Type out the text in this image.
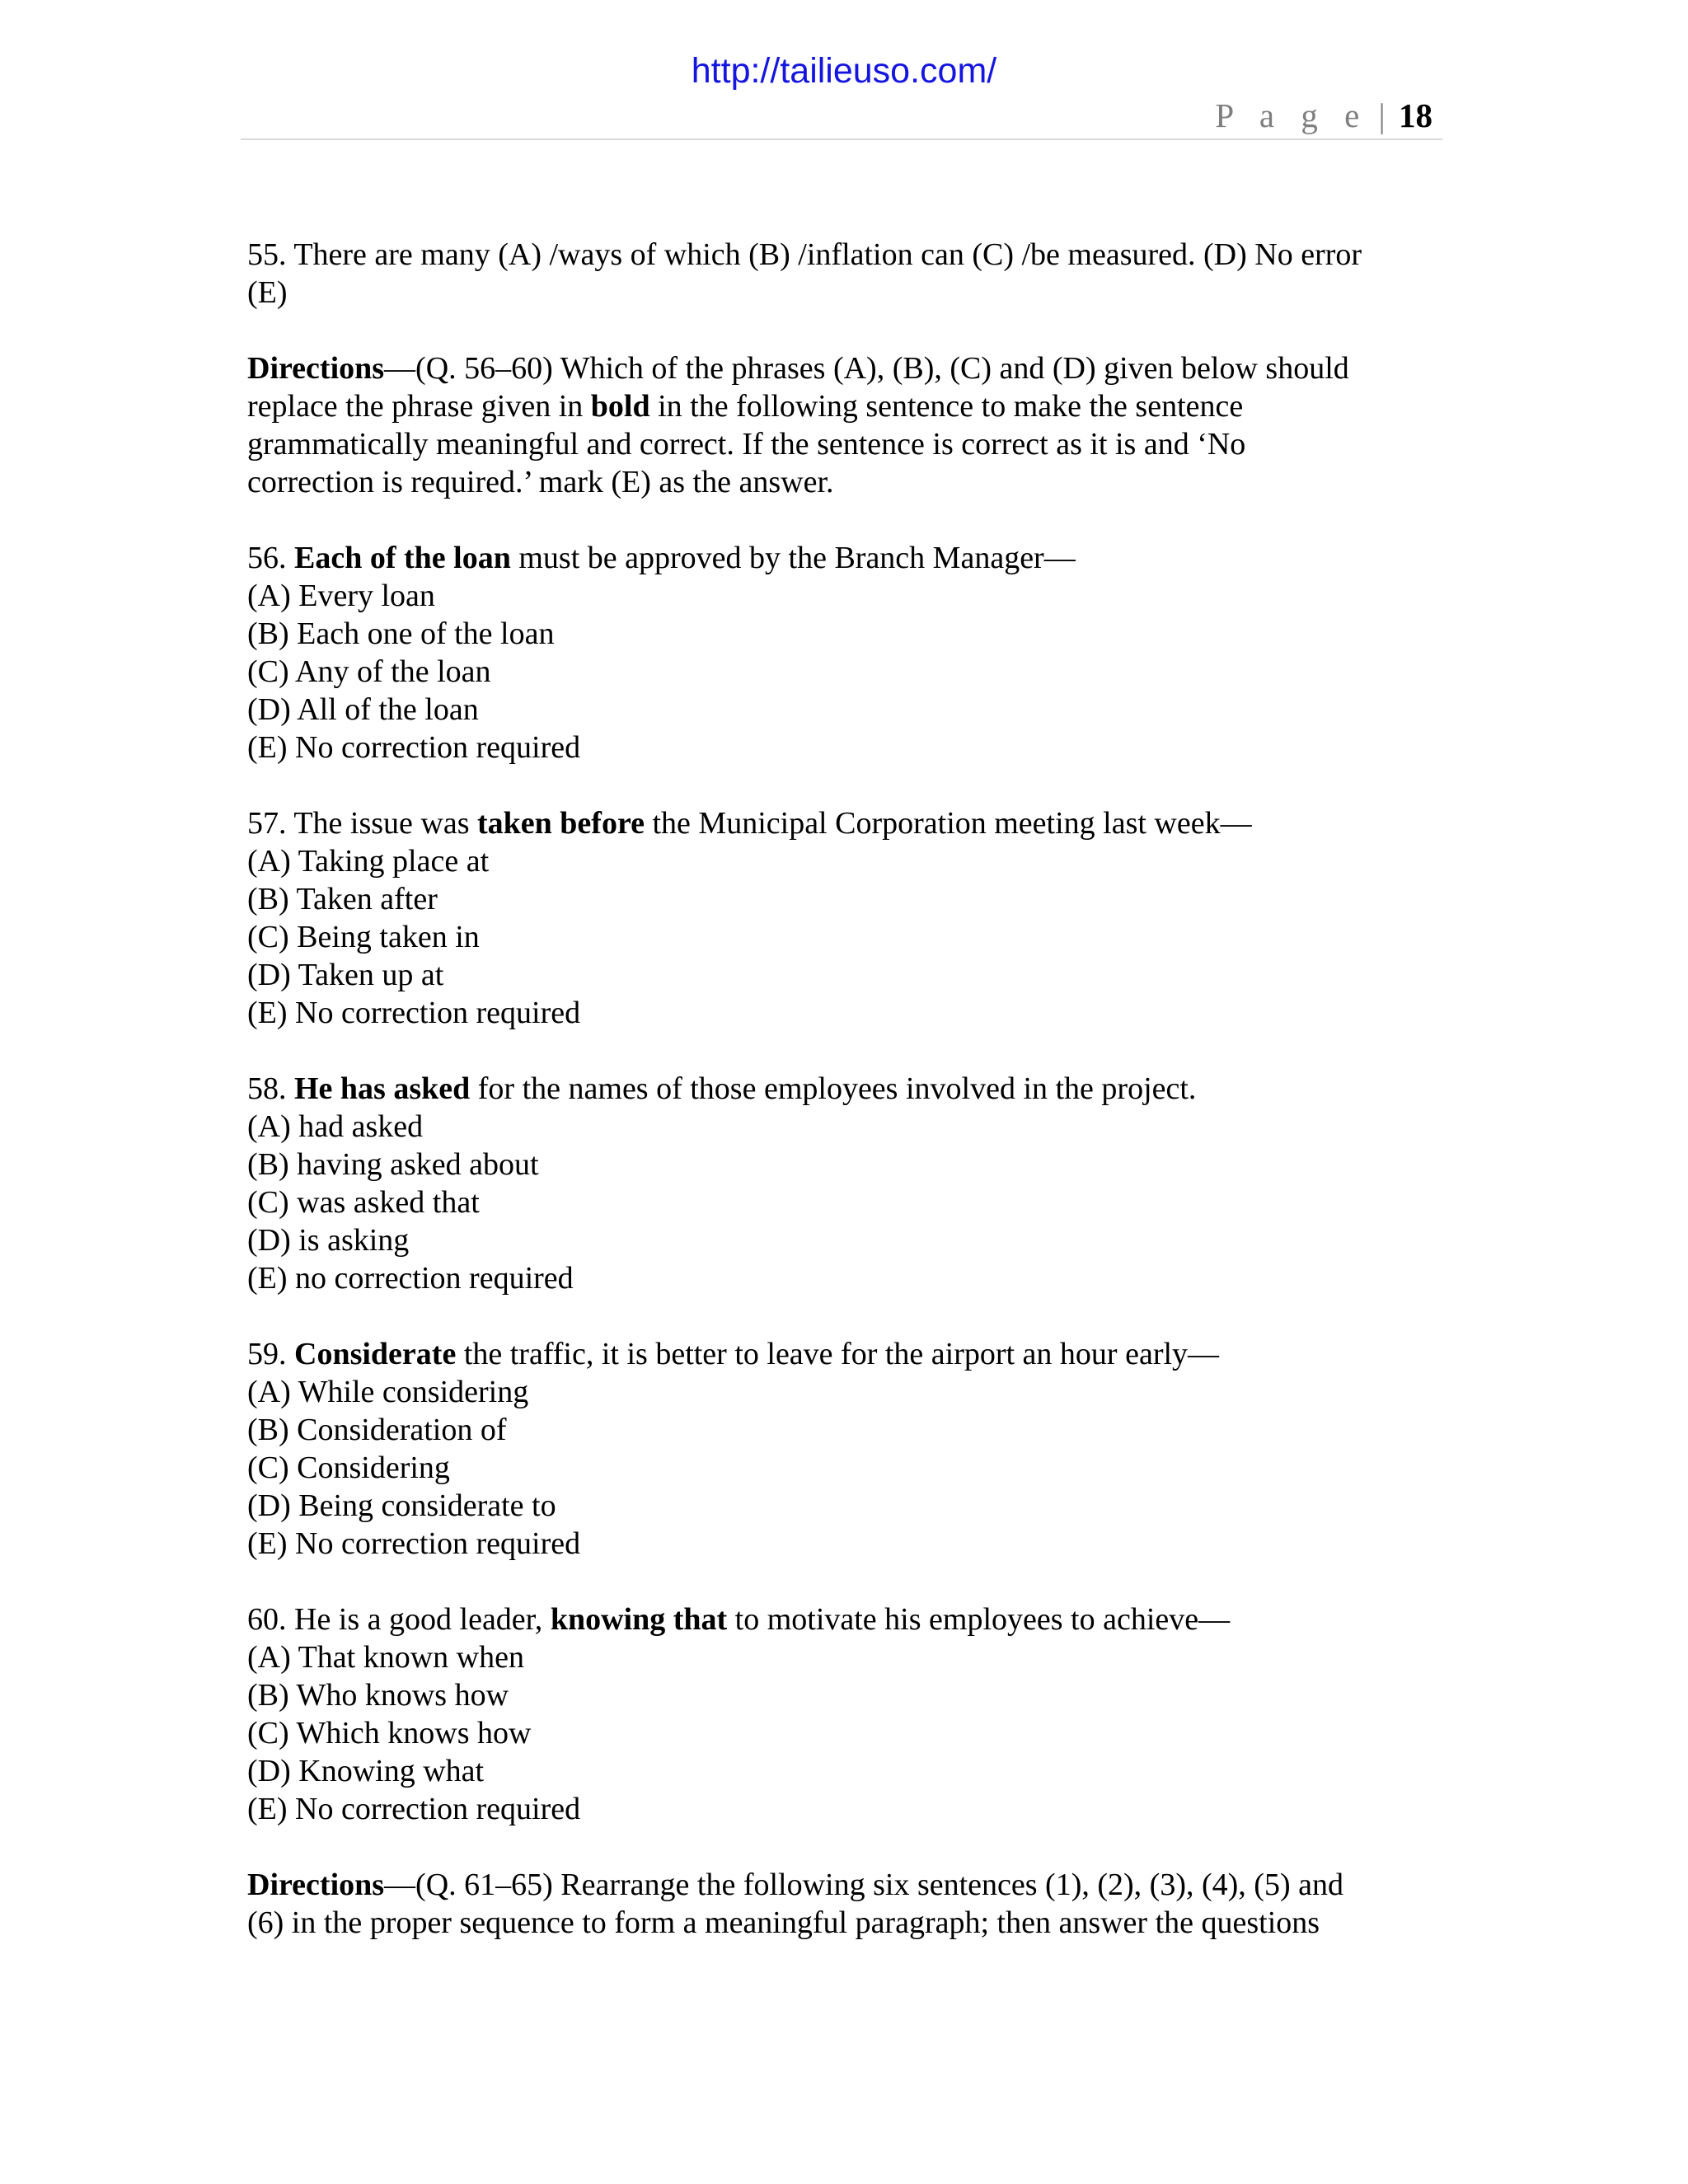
http://tailieuso.com/
P a g e | 18
55. There are many (A) /ways of which (B) /inflation can (C) /be measured. (D) No error
(E)
Directions—(Q. 56–60) Which of the phrases (A), (B), (C) and (D) given below should
replace the phrase given in bold in the following sentence to make the sentence
grammatically meaningful and correct. If the sentence is correct as it is and ‘No
correction is required.’ mark (E) as the answer.
56. Each of the loan must be approved by the Branch Manager—
(A) Every loan
(B) Each one of the loan
(C) Any of the loan
(D) All of the loan
(E) No correction required
57. The issue was taken before the Municipal Corporation meeting last week—
(A) Taking place at
(B) Taken after
(C) Being taken in
(D) Taken up at
(E) No correction required
58. He has asked for the names of those employees involved in the project.
(A) had asked
(B) having asked about
(C) was asked that
(D) is asking
(E) no correction required
59. Considerate the traffic, it is better to leave for the airport an hour early—
(A) While considering
(B) Consideration of
(C) Considering
(D) Being considerate to
(E) No correction required
60. He is a good leader, knowing that to motivate his employees to achieve—
(A) That known when
(B) Who knows how
(C) Which knows how
(D) Knowing what
(E) No correction required
Directions—(Q. 61–65) Rearrange the following six sentences (1), (2), (3), (4), (5) and
(6) in the proper sequence to form a meaningful paragraph; then answer the questions
